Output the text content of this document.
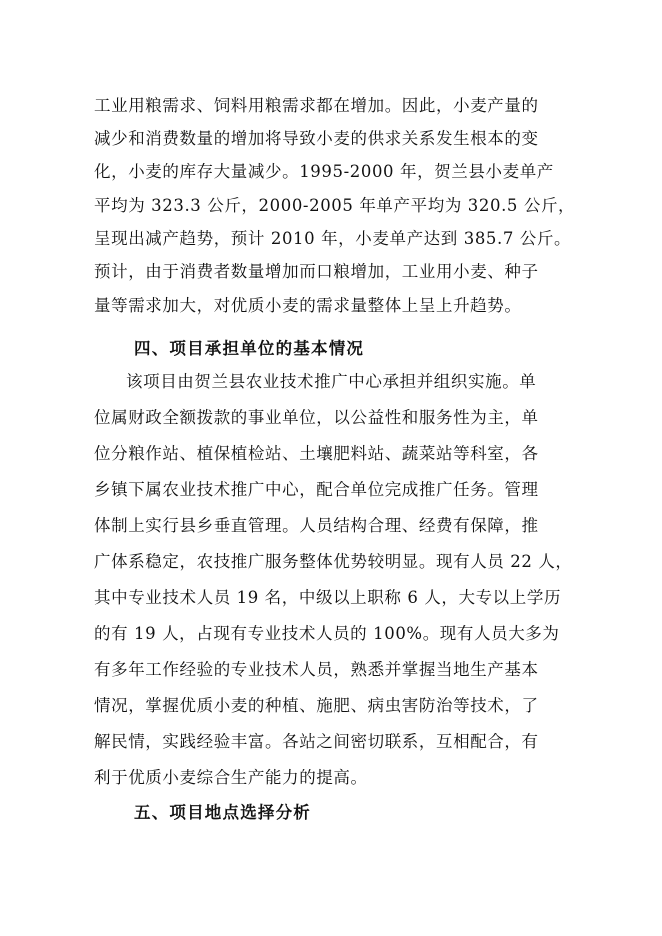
工业用粮需求、饲料用粮需求都在增加。因此，小麦产量的
减少和消费数量的增加将导致小麦的供求关系发生根本的变
化，小麦的库存大量减少。1995-2000 年，贺兰县小麦单产
平均为 323.3 公斤，2000-2005 年单产平均为 320.5 公斤，
呈现出减产趋势，预计 2010 年，小麦单产达到 385.7 公斤。
预计，由于消费者数量增加而口粮增加，工业用小麦、种子
量等需求加大，对优质小麦的需求量整体上呈上升趋势。
四、项目承担单位的基本情况
该项目由贺兰县农业技术推广中心承担并组织实施。单
位属财政全额拨款的事业单位，以公益性和服务性为主，单
位分粮作站、植保植检站、土壤肥料站、蔬菜站等科室，各
乡镇下属农业技术推广中心，配合单位完成推广任务。管理
体制上实行县乡垂直管理。人员结构合理、经费有保障，推
广体系稳定，农技推广服务整体优势较明显。现有人员 22 人，
其中专业技术人员 19 名，中级以上职称 6 人，大专以上学历
的有 19 人，占现有专业技术人员的 100%。现有人员大多为
有多年工作经验的专业技术人员，熟悉并掌握当地生产基本
情况，掌握优质小麦的种植、施肥、病虫害防治等技术，了
解民情，实践经验丰富。各站之间密切联系，互相配合，有
利于优质小麦综合生产能力的提高。
五、项目地点选择分析
